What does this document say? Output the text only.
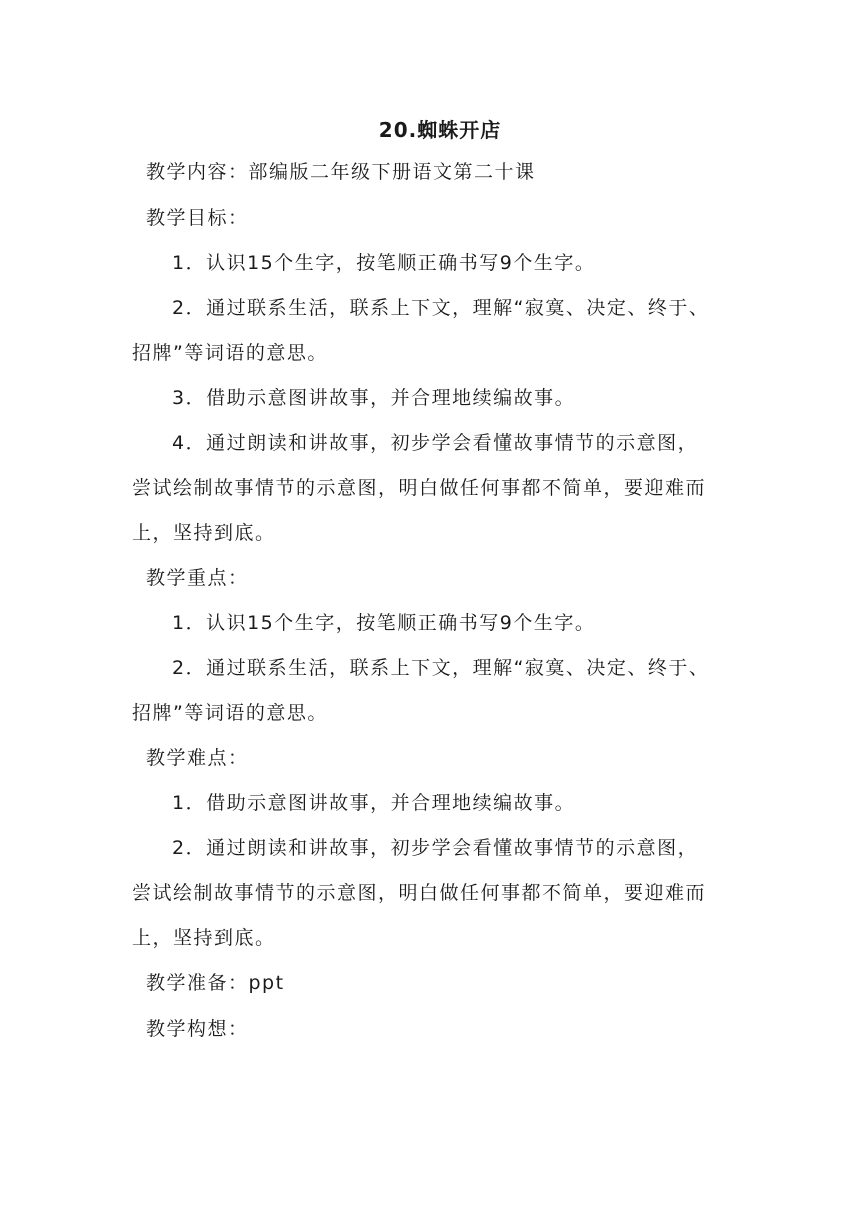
20.蜘蛛开店
教学内容：部编版二年级下册语文第二十课
教学目标：
1．认识15个生字，按笔顺正确书写9个生字。
2．通过联系生活，联系上下文，理解“寂寞、决定、终于、
招牌”等词语的意思。
3．借助示意图讲故事，并合理地续编故事。
4．通过朗读和讲故事，初步学会看懂故事情节的示意图，
尝试绘制故事情节的示意图，明白做任何事都不简单，要迎难而
上，坚持到底。
教学重点：
1．认识15个生字，按笔顺正确书写9个生字。
2．通过联系生活，联系上下文，理解“寂寞、决定、终于、
招牌”等词语的意思。
教学难点：
1．借助示意图讲故事，并合理地续编故事。
2．通过朗读和讲故事，初步学会看懂故事情节的示意图，
尝试绘制故事情节的示意图，明白做任何事都不简单，要迎难而
上，坚持到底。
教学准备：ppt
教学构想：
